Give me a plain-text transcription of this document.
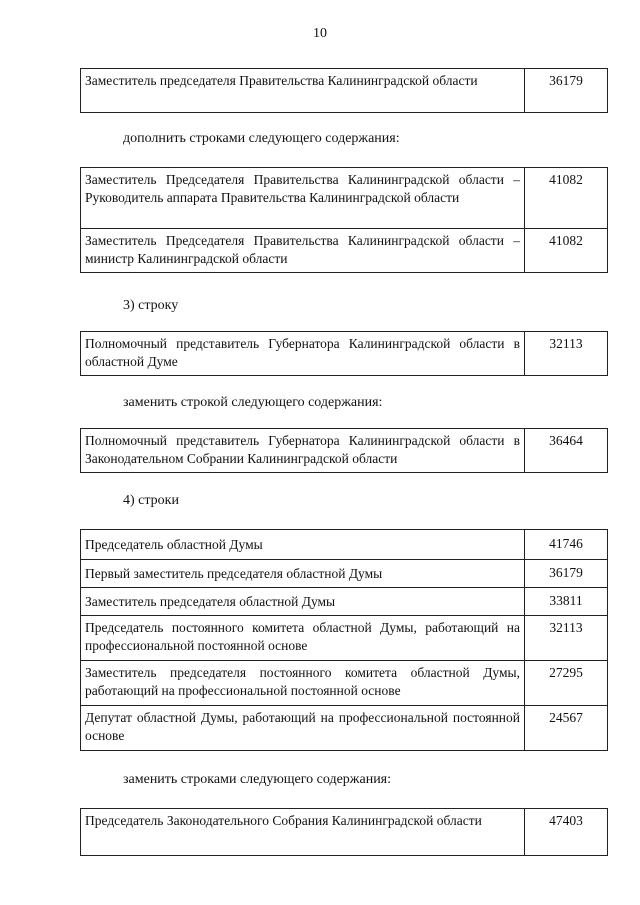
10
Заместитель председателя Правительства Калининградской области	36179
дополнить строками следующего содержания:
Заместитель Председателя Правительства Калининградской области – Руководитель аппарата Правительства Калининградской области	41082
Заместитель Председателя Правительства Калининградской области – министр Калининградской области	41082
3) строку
Полномочный представитель Губернатора Калининградской области в областной Думе	32113
заменить строкой следующего содержания:
Полномочный представитель Губернатора Калининградской области в Законодательном Собрании Калининградской области	36464
4) строки
Председатель областной Думы	41746
Первый заместитель председателя областной Думы	36179
Заместитель председателя областной Думы	33811
Председатель постоянного комитета областной Думы, работающий на профессиональной постоянной основе	32113
Заместитель председателя постоянного комитета областной Думы, работающий на профессиональной постоянной основе	27295
Депутат областной Думы, работающий на профессиональной постоянной основе	24567
заменить строками следующего содержания:
Председатель Законодательного Собрания Калининградской области	47403
